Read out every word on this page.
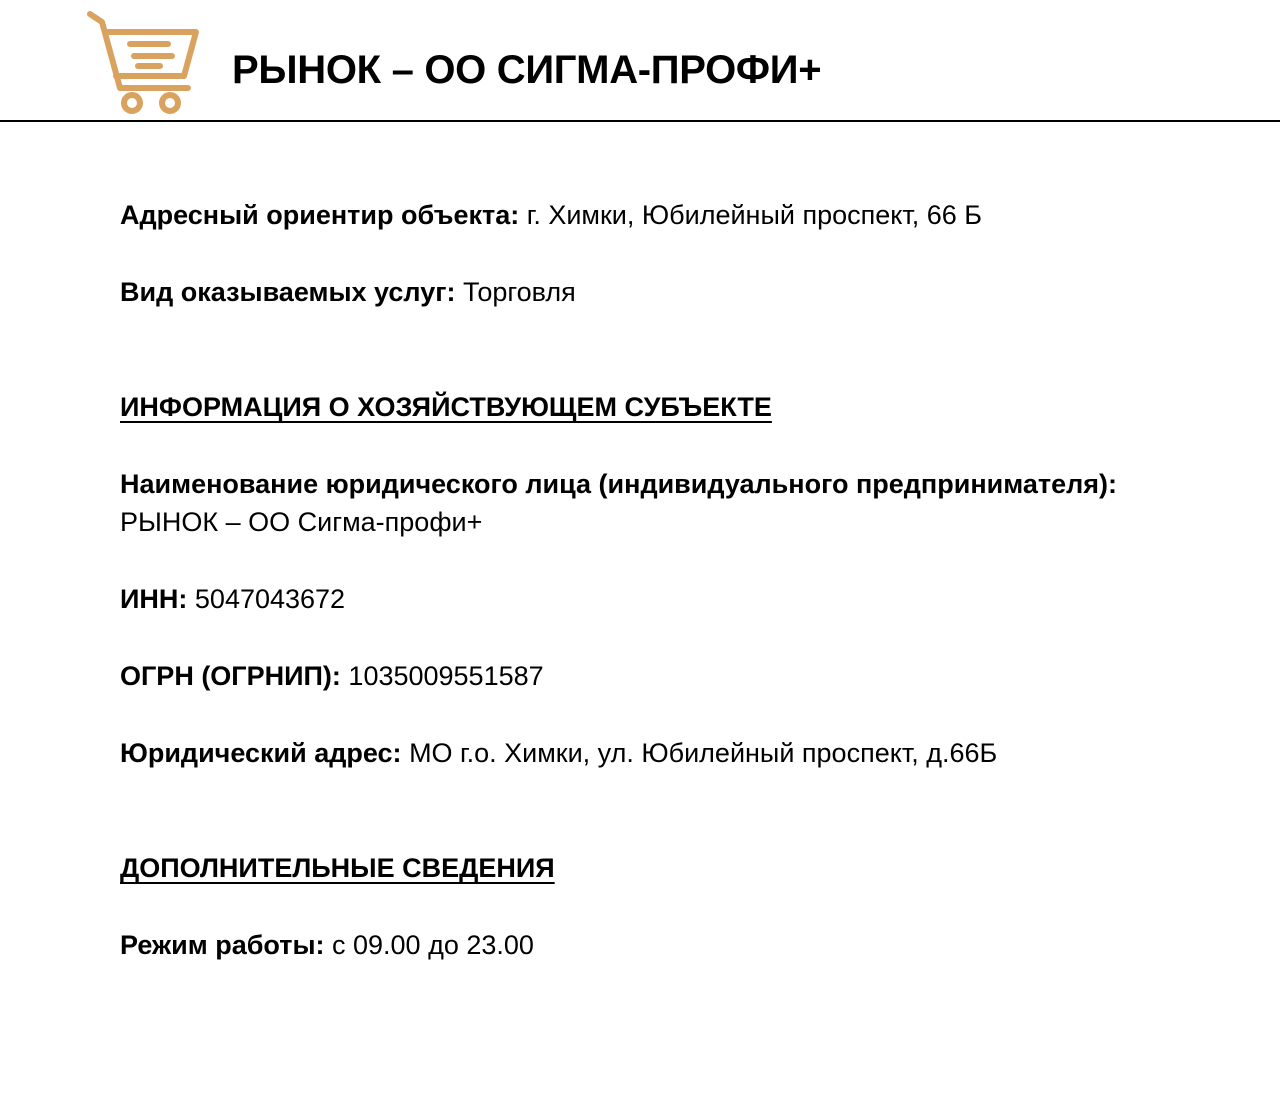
РЫНОК – ОО СИГМА-ПРОФИ+
Адресный ориентир объекта: г. Химки, Юбилейный проспект, 66 Б
Вид оказываемых услуг: Торговля
ИНФОРМАЦИЯ О ХОЗЯЙСТВУЮЩЕМ СУБЪЕКТЕ
Наименование юридического лица (индивидуального предпринимателя):
РЫНОК – ОО Сигма-профи+
ИНН: 5047043672
ОГРН (ОГРНИП): 1035009551587
Юридический адрес: МО г.о. Химки, ул. Юбилейный проспект, д.66Б
ДОПОЛНИТЕЛЬНЫЕ СВЕДЕНИЯ
Режим работы: с 09.00 до 23.00
